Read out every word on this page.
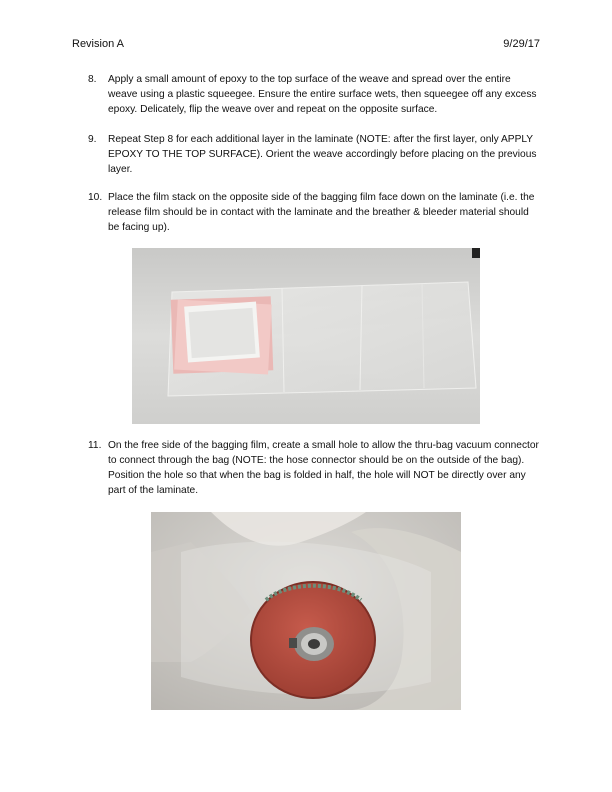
Revision A	9/29/17
8.	Apply a small amount of epoxy to the top surface of the weave and spread over the entire weave using a plastic squeegee. Ensure the entire surface wets, then squeegee off any excess epoxy. Delicately, flip the weave over and repeat on the opposite surface.
9.	Repeat Step 8 for each additional layer in the laminate (NOTE: after the first layer, only APPLY EPOXY TO THE TOP SURFACE). Orient the weave accordingly before placing on the previous layer.
10. Place the film stack on the opposite side of the bagging film face down on the laminate (i.e. the release film should be in contact with the laminate and the breather & bleeder material should be facing up).
11. On the free side of the bagging film, create a small hole to allow the thru-bag vacuum connector to connect through the bag (NOTE: the hose connector should be on the outside of the bag). Position the hole so that when the bag is folded in half, the hole will NOT be directly over any part of the laminate.
